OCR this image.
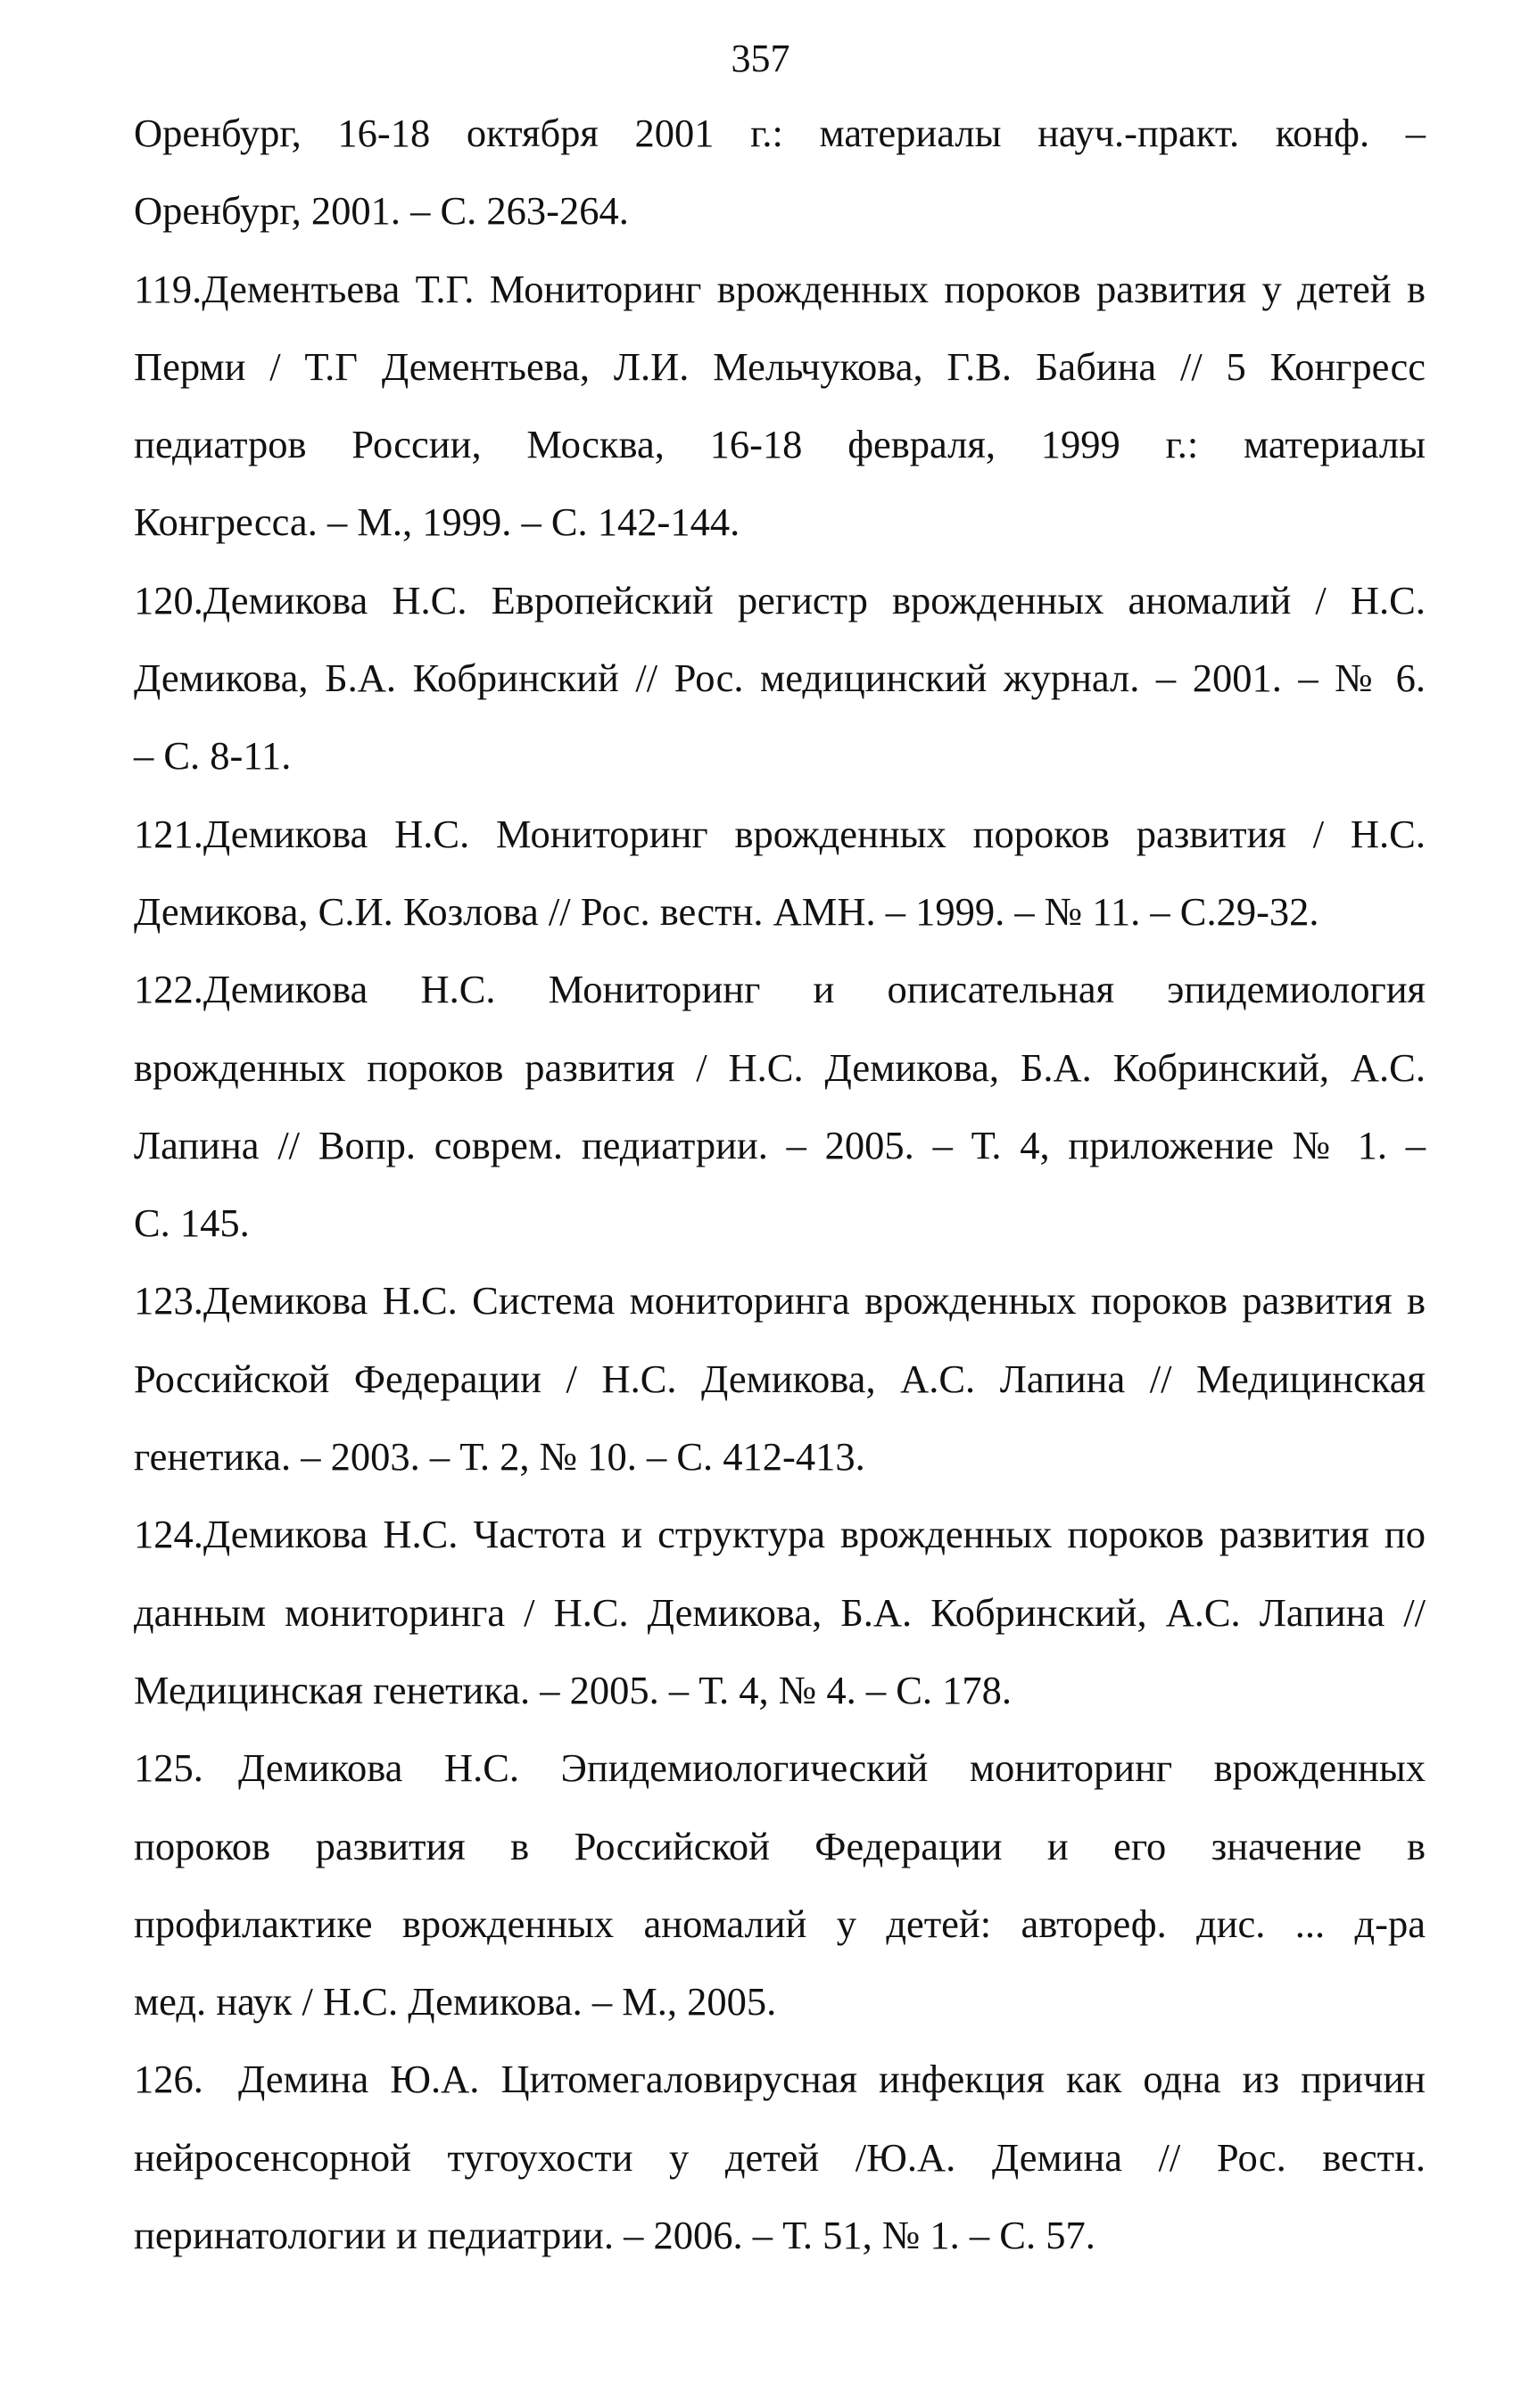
357
Оренбург, 16-18 октября 2001 г.: материалы науч.-практ. конф. –
Оренбург, 2001. – С. 263-264.
119.Дементьева Т.Г. Мониторинг врожденных пороков развития у детей в
Перми / Т.Г Дементьева, Л.И. Мельчукова, Г.В. Бабина // 5 Конгресс
педиатров России, Москва, 16-18 февраля, 1999 г.: материалы
Конгресса. – М., 1999. – С. 142-144.
120.Демикова Н.С. Европейский регистр врожденных аномалий / Н.С.
Демикова, Б.А. Кобринский // Рос. медицинский журнал. – 2001. – № 6.
– С. 8-11.
121.Демикова Н.С. Мониторинг врожденных пороков развития / Н.С.
Демикова, С.И. Козлова // Рос. вестн. АМН. – 1999. – № 11. – С.29-32.
122.Демикова Н.С. Мониторинг и описательная эпидемиология
врожденных пороков развития / Н.С. Демикова, Б.А. Кобринский, А.С.
Лапина // Вопр. соврем. педиатрии. – 2005. – Т. 4, приложение № 1. –
С. 145.
123.Демикова Н.С. Система мониторинга врожденных пороков развития в
Российской Федерации / Н.С. Демикова, А.С. Лапина // Медицинская
генетика. – 2003. – Т. 2, № 10. – С. 412-413.
124.Демикова Н.С. Частота и структура врожденных пороков развития по
данным мониторинга / Н.С. Демикова, Б.А. Кобринский, А.С. Лапина //
Медицинская генетика. – 2005. – Т. 4, № 4. – С. 178.
125. Демикова Н.С. Эпидемиологический мониторинг врожденных
пороков развития в Российской Федерации и его значение в
профилактике врожденных аномалий у детей: автореф. дис. ... д-ра
мед. наук / Н.С. Демикова. – М., 2005.
126. Демина Ю.А. Цитомегаловирусная инфекция как одна из причин
нейросенсорной тугоухости у детей /Ю.А. Демина // Рос. вестн.
перинатологии и педиатрии. – 2006. – Т. 51, № 1. – С. 57.
